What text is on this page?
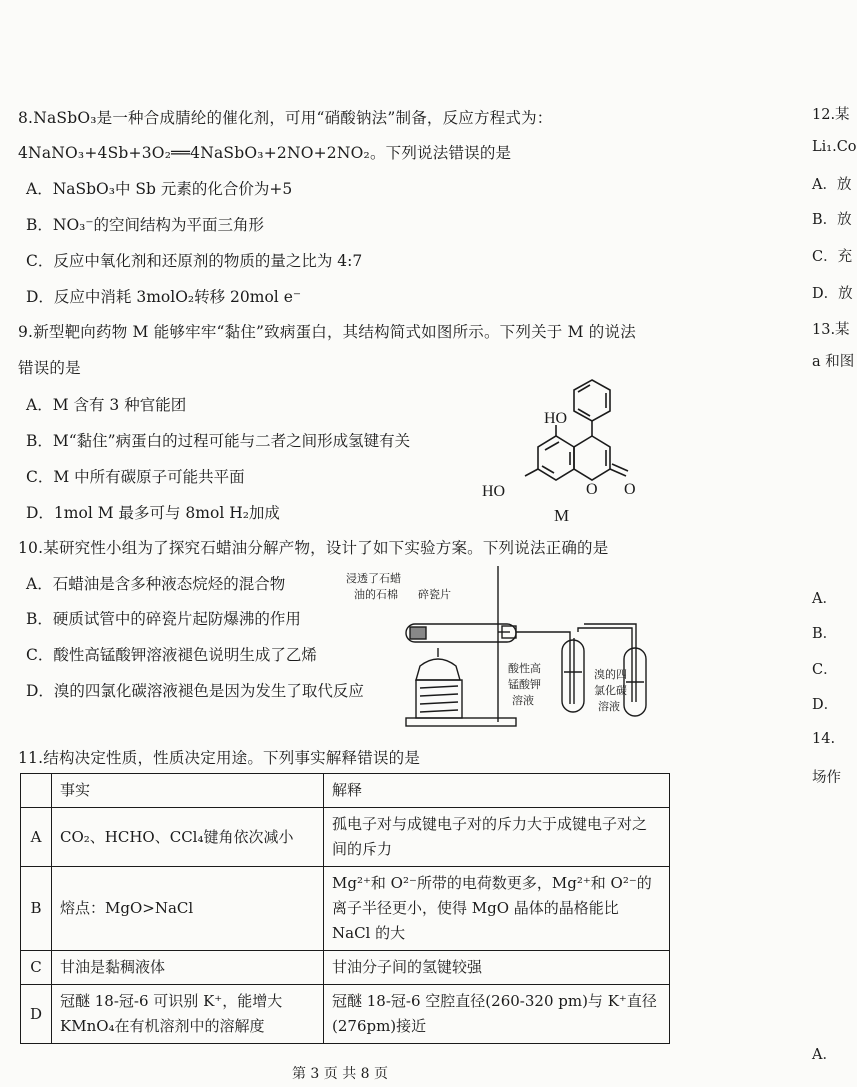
8.NaSbO₃是一种合成腈纶的催化剂，可用“硝酸钠法”制备，反应方程式为：
4NaNO₃+4Sb+3O₂══4NaSbO₃+2NO+2NO₂。下列说法错误的是
A．NaSbO₃中 Sb 元素的化合价为+5
B．NO₃⁻的空间结构为平面三角形
C．反应中氧化剂和还原剂的物质的量之比为 4:7
D．反应中消耗 3molO₂转移 20mol e⁻
9.新型靶向药物 M 能够牢牢“黏住”致病蛋白，其结构简式如图所示。下列关于 M 的说法
错误的是
A．M 含有 3 种官能团
B．M“黏住”病蛋白的过程可能与二者之间形成氢键有关
C．M 中所有碳原子可能共平面
D．1mol M 最多可与 8mol H₂加成
HO
HO	O O
M
10.某研究性小组为了探究石蜡油分解产物，设计了如下实验方案。下列说法正确的是
A．石蜡油是含多种液态烷烃的混合物
B．硬质试管中的碎瓷片起防爆沸的作用
C．酸性高锰酸钾溶液褪色说明生成了乙烯
D．溴的四氯化碳溶液褪色是因为发生了取代反应
浸透了石蜡
油的石棉 碎瓷片
酸性高
锰酸钾
溶液
溴的四
氯化碳
溶液
11.结构决定性质，性质决定用途。下列事实解释错误的是
	事实	解释
A	CO₂、HCHO、CCl₄键角依次减小	孤电子对与成键电子对的斥力大于成键电子对之间的斥力
B	熔点：MgO>NaCl	Mg²⁺和 O²⁻所带的电荷数更多，Mg²⁺和 O²⁻的离子半径更小，使得 MgO 晶体的晶格能比 NaCl 的大
C	甘油是黏稠液体	甘油分子间的氢键较强
D	冠醚 18-冠-6 可识别 K⁺，能增大 KMnO₄在有机溶剂中的溶解度	冠醚 18-冠-6 空腔直径(260-320 pm)与 K⁺直径(276pm)接近
12.某
Li₁.Co
A．放
B．放
C．充
D．放
13.某
a 和图
A．
B．
C．
D．
14.
场作
A．
第 3 页 共 8 页
